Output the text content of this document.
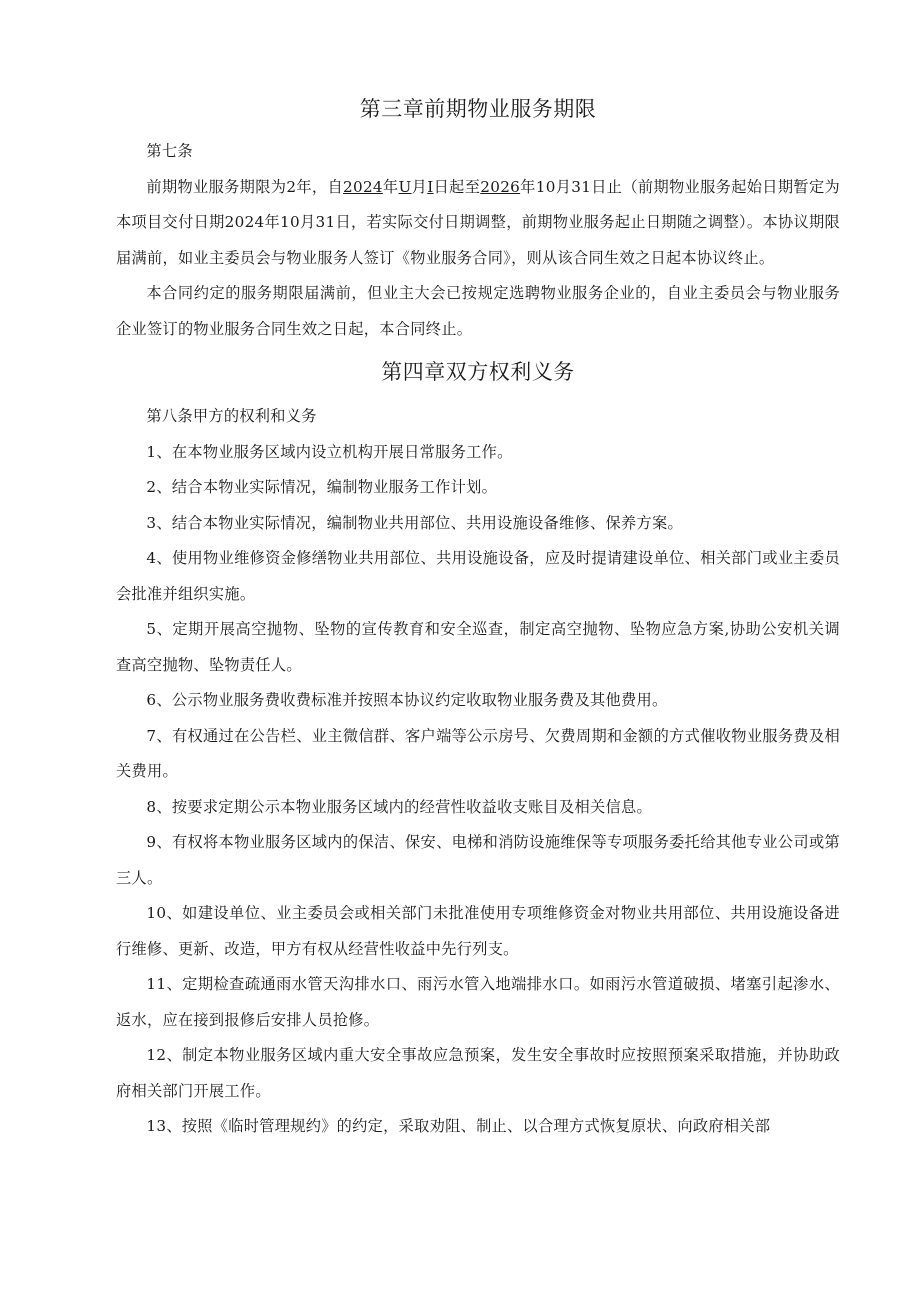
第三章前期物业服务期限

第七条

前期物业服务期限为2年，自2024年U月I日起至2026年10月31日止（前期物业服务起始日期暂定为本项目交付日期2024年10月31日，若实际交付日期调整，前期物业服务起止日期随之调整）。本协议期限届满前，如业主委员会与物业服务人签订《物业服务合同》，则从该合同生效之日起本协议终止。

本合同约定的服务期限届满前，但业主大会已按规定选聘物业服务企业的，自业主委员会与物业服务企业签订的物业服务合同生效之日起，本合同终止。

第四章双方权利义务

第八条甲方的权利和义务

1、在本物业服务区域内设立机构开展日常服务工作。

2、结合本物业实际情况，编制物业服务工作计划。

3、结合本物业实际情况，编制物业共用部位、共用设施设备维修、保养方案。

4、使用物业维修资金修缮物业共用部位、共用设施设备，应及时提请建设单位、相关部门或业主委员会批准并组织实施。

5、定期开展高空抛物、坠物的宣传教育和安全巡查，制定高空抛物、坠物应急方案,协助公安机关调查高空抛物、坠物责任人。

6、公示物业服务费收费标准并按照本协议约定收取物业服务费及其他费用。

7、有权通过在公告栏、业主微信群、客户端等公示房号、欠费周期和金额的方式催收物业服务费及相关费用。

8、按要求定期公示本物业服务区域内的经营性收益收支账目及相关信息。

9、有权将本物业服务区域内的保洁、保安、电梯和消防设施维保等专项服务委托给其他专业公司或第三人。

10、如建设单位、业主委员会或相关部门未批准使用专项维修资金对物业共用部位、共用设施设备进行维修、更新、改造，甲方有权从经营性收益中先行列支。

11、定期检查疏通雨水管天沟排水口、雨污水管入地端排水口。如雨污水管道破损、堵塞引起渗水、返水，应在接到报修后安排人员抢修。

12、制定本物业服务区域内重大安全事故应急预案，发生安全事故时应按照预案采取措施，并协助政府相关部门开展工作。

13、按照《临时管理规约》的约定，采取劝阻、制止、以合理方式恢复原状、向政府相关部
